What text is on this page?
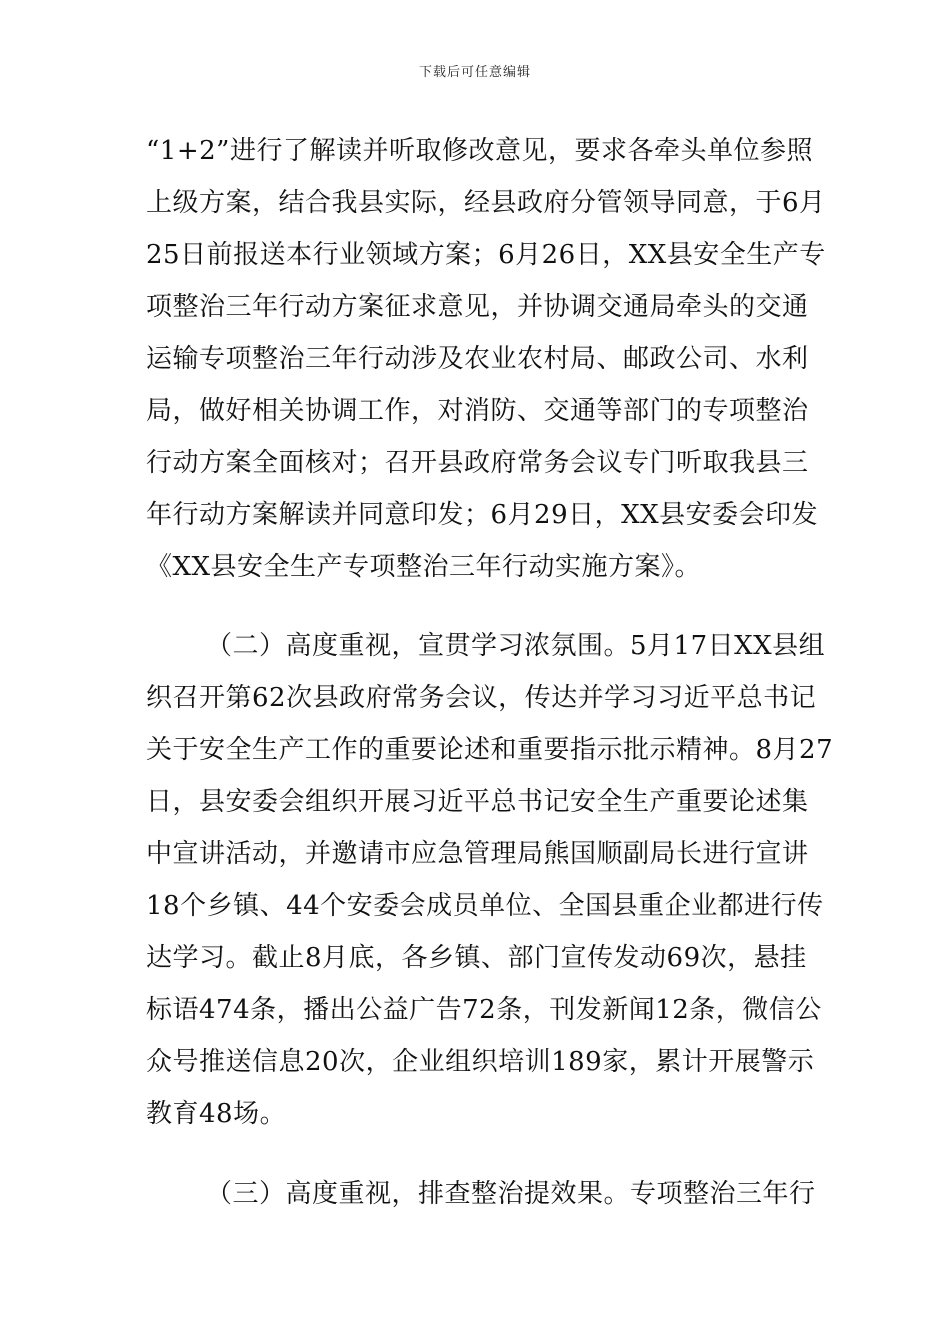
下载后可任意编辑
“1+2”进行了解读并听取修改意见，要求各牵头单位参照
上级方案，结合我县实际，经县政府分管领导同意，于6月
25日前报送本行业领域方案；6月26日，XX县安全生产专
项整治三年行动方案征求意见，并协调交通局牵头的交通
运输专项整治三年行动涉及农业农村局、邮政公司、水利
局，做好相关协调工作，对消防、交通等部门的专项整治
行动方案全面核对；召开县政府常务会议专门听取我县三
年行动方案解读并同意印发；6月29日，XX县安委会印发
《XX县安全生产专项整治三年行动实施方案》。
（二）高度重视，宣贯学习浓氛围。5月17日XX县组
织召开第62次县政府常务会议，传达并学习习近平总书记
关于安全生产工作的重要论述和重要指示批示精神。8月27
日，县安委会组织开展习近平总书记安全生产重要论述集
中宣讲活动，并邀请市应急管理局熊国顺副局长进行宣讲
18个乡镇、44个安委会成员单位、全国县重企业都进行传
达学习。截止8月底，各乡镇、部门宣传发动69次，悬挂
标语474条，播出公益广告72条，刊发新闻12条，微信公
众号推送信息20次，企业组织培训189家，累计开展警示
教育48场。
（三）高度重视，排查整治提效果。专项整治三年行
